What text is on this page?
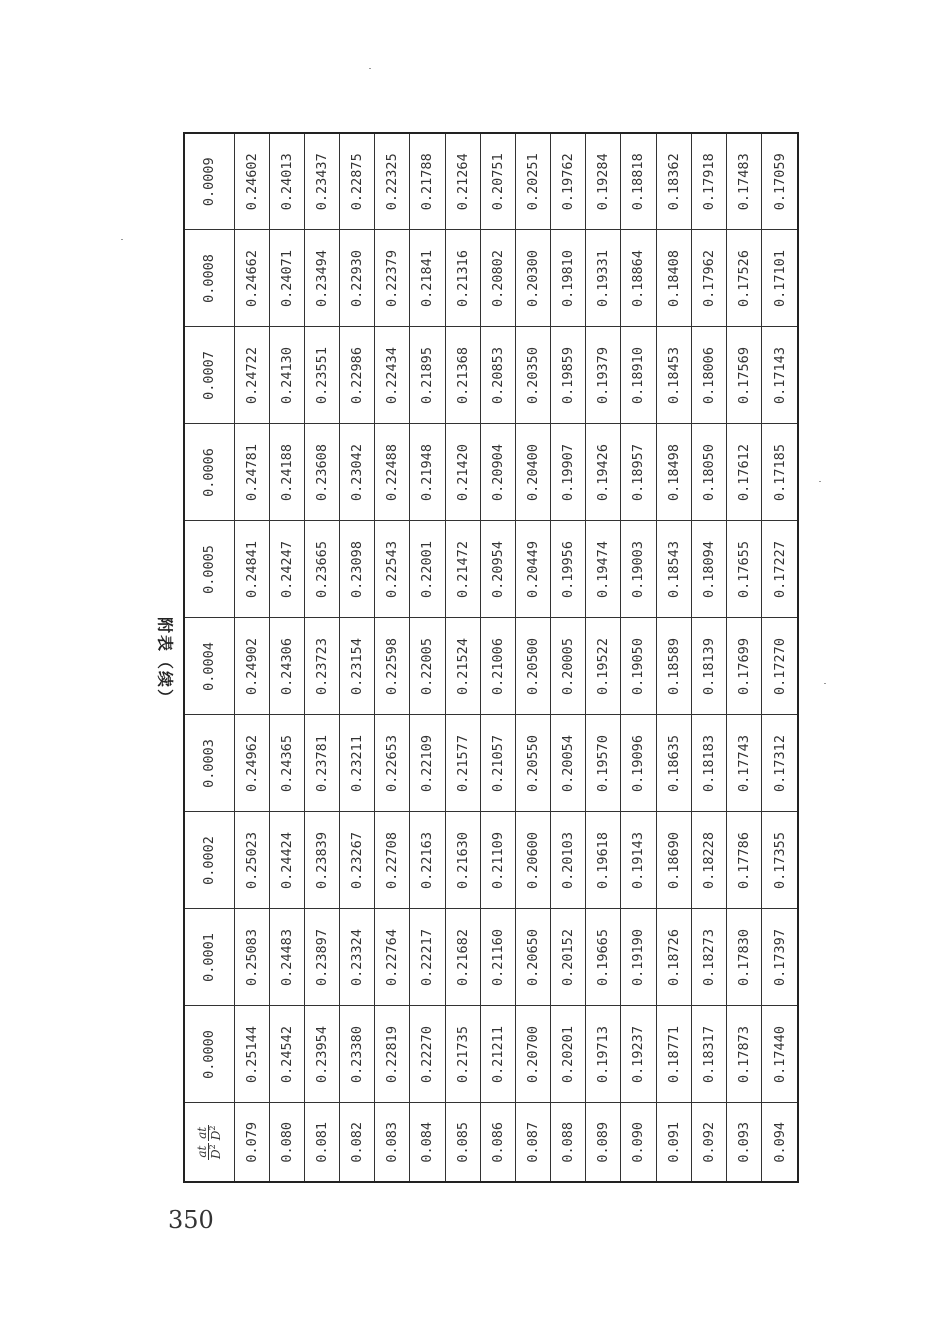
附表（续）
at $D^2$
at $D^2$	0.0000	0.0001	0.0002	0.0003	0.0004	0.0005	0.0006	0.0007	0.0008	0.0009
0.079	0.25144	0.25083	0.25023	0.24962	0.24902	0.24841	0.24781	0.24722	0.24662	0.24602
0.080	0.24542	0.24483	0.24424	0.24365	0.24306	0.24247	0.24188	0.24130	0.24071	0.24013
0.081	0.23954	0.23897	0.23839	0.23781	0.23723	0.23665	0.23608	0.23551	0.23494	0.23437
0.082	0.23380	0.23324	0.23267	0.23211	0.23154	0.23098	0.23042	0.22986	0.22930	0.22875
0.083	0.22819	0.22764	0.22708	0.22653	0.22598	0.22543	0.22488	0.22434	0.22379	0.22325
0.084	0.22270	0.22217	0.22163	0.22109	0.22005	0.22001	0.21948	0.21895	0.21841	0.21788
0.085	0.21735	0.21682	0.21630	0.21577	0.21524	0.21472	0.21420	0.21368	0.21316	0.21264
0.086	0.21211	0.21160	0.21109	0.21057	0.21006	0.20954	0.20904	0.20853	0.20802	0.20751
0.087	0.20700	0.20650	0.20600	0.20550	0.20500	0.20449	0.20400	0.20350	0.20300	0.20251
0.088	0.20201	0.20152	0.20103	0.20054	0.20005	0.19956	0.19907	0.19859	0.19810	0.19762
0.089	0.19713	0.19665	0.19618	0.19570	0.19522	0.19474	0.19426	0.19379	0.19331	0.19284
0.090	0.19237	0.19190	0.19143	0.19096	0.19050	0.19003	0.18957	0.18910	0.18864	0.18818
0.091	0.18771	0.18726	0.18690	0.18635	0.18589	0.18543	0.18498	0.18453	0.18408	0.18362
0.092	0.18317	0.18273	0.18228	0.18183	0.18139	0.18094	0.18050	0.18006	0.17962	0.17918
0.093	0.17873	0.17830	0.17786	0.17743	0.17699	0.17655	0.17612	0.17569	0.17526	0.17483
0.094	0.17440	0.17397	0.17355	0.17312	0.17270	0.17227	0.17185	0.17143	0.17101	0.17059
350
